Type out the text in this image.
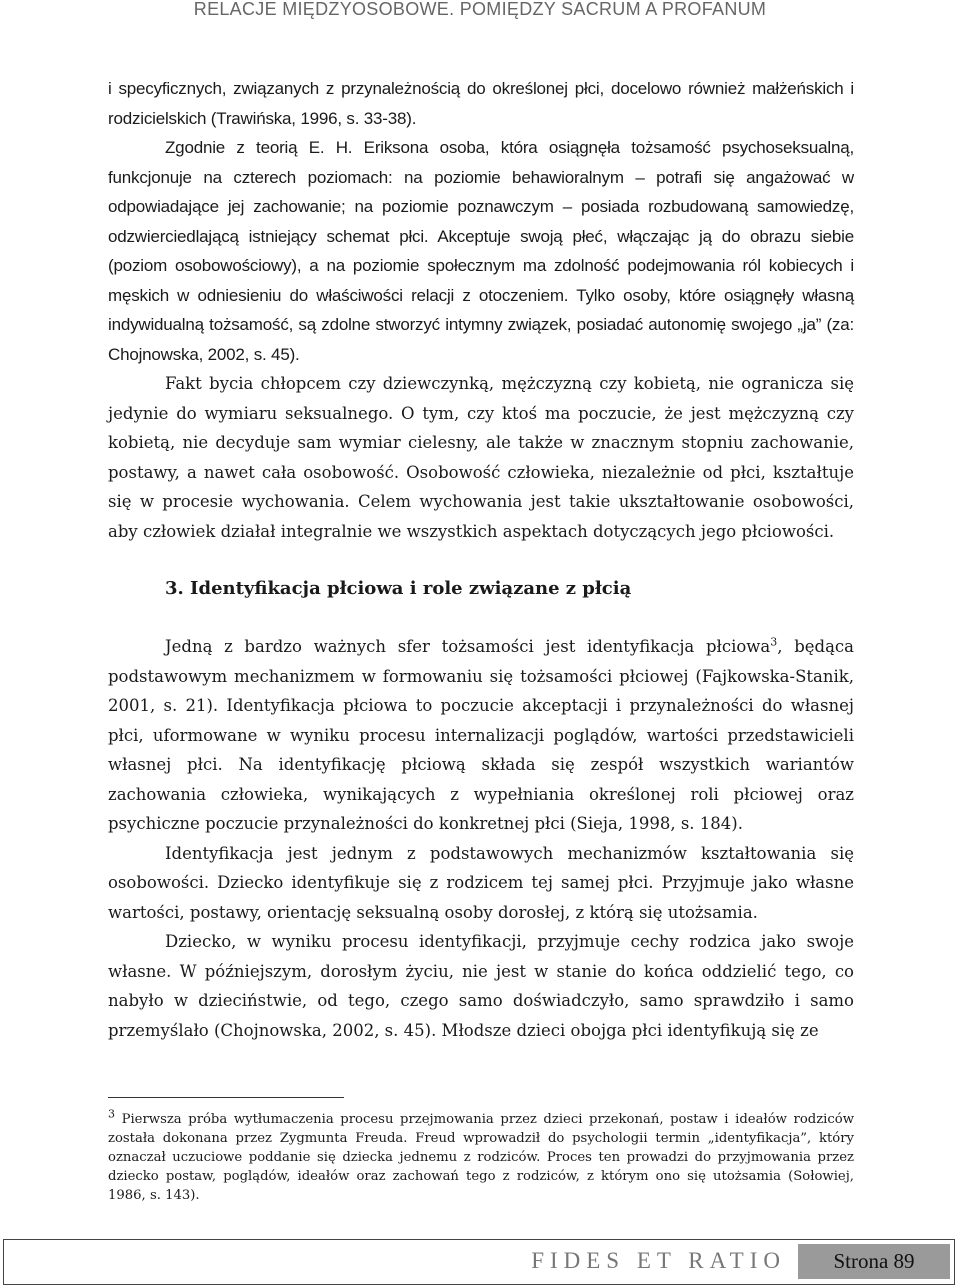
RELACJE MIĘDZYOSOBOWE. POMIĘDZY SACRUM A PROFANUM

i specyficznych, związanych z przynależnością do określonej płci, docelowo również małżeńskich i rodzicielskich (Trawińska, 1996, s. 33-38).

Zgodnie z teorią E. H. Eriksona osoba, która osiągnęła tożsamość psychoseksualną, funkcjonuje na czterech poziomach: na poziomie behawioralnym – potrafi się angażować w odpowiadające jej zachowanie; na poziomie poznawczym – posiada rozbudowaną samowiedzę, odzwierciedlającą istniejący schemat płci. Akceptuje swoją płeć, włączając ją do obrazu siebie (poziom osobowościowy), a na poziomie społecznym ma zdolność podejmowania ról kobiecych i męskich w odniesieniu do właściwości relacji z otoczeniem. Tylko osoby, które osiągnęły własną indywidualną tożsamość, są zdolne stworzyć intymny związek, posiadać autonomię swojego „ja” (za: Chojnowska, 2002, s. 45).

Fakt bycia chłopcem czy dziewczynką, mężczyzną czy kobietą, nie ogranicza się jedynie do wymiaru seksualnego. O tym, czy ktoś ma poczucie, że jest mężczyzną czy kobietą, nie decyduje sam wymiar cielesny, ale także w znacznym stopniu zachowanie, postawy, a nawet cała osobowość. Osobowość człowieka, niezależnie od płci, kształtuje się w procesie wychowania. Celem wychowania jest takie ukształtowanie osobowości, aby człowiek działał integralnie we wszystkich aspektach dotyczących jego płciowości.

3. Identyfikacja płciowa i role związane z płcią

Jedną z bardzo ważnych sfer tożsamości jest identyfikacja płciowa$^3$, będąca podstawowym mechanizmem w formowaniu się tożsamości płciowej (Fajkowska-Stanik, 2001, s. 21). Identyfikacja płciowa to poczucie akceptacji i przynależności do własnej płci, uformowane w wyniku procesu internalizacji poglądów, wartości przedstawicieli własnej płci. Na identyfikację płciową składa się zespół wszystkich wariantów zachowania człowieka, wynikających z wypełniania określonej roli płciowej oraz psychiczne poczucie przynależności do konkretnej płci (Sieja, 1998, s. 184).

Identyfikacja jest jednym z podstawowych mechanizmów kształtowania się osobowości. Dziecko identyfikuje się z rodzicem tej samej płci. Przyjmuje jako własne wartości, postawy, orientację seksualną osoby dorosłej, z którą się utożsamia.

Dziecko, w wyniku procesu identyfikacji, przyjmuje cechy rodzica jako swoje własne. W późniejszym, dorosłym życiu, nie jest w stanie do końca oddzielić tego, co nabyło w dzieciństwie, od tego, czego samo doświadczyło, samo sprawdziło i samo przemyślało (Chojnowska, 2002, s. 45). Młodsze dzieci obojga płci identyfikują się ze

$^3$ Pierwsza próba wytłumaczenia procesu przejmowania przez dzieci przekonań, postaw i ideałów rodziców została dokonana przez Zygmunta Freuda. Freud wprowadził do psychologii termin „identyfikacja”, który oznaczał uczuciowe poddanie się dziecka jednemu z rodziców. Proces ten prowadzi do przyjmowania przez dziecko postaw, poglądów, ideałów oraz zachowań tego z rodziców, z którym ono się utożsamia (Sołowiej, 1986, s. 143).

FIDES ET RATIO	Strona 89
